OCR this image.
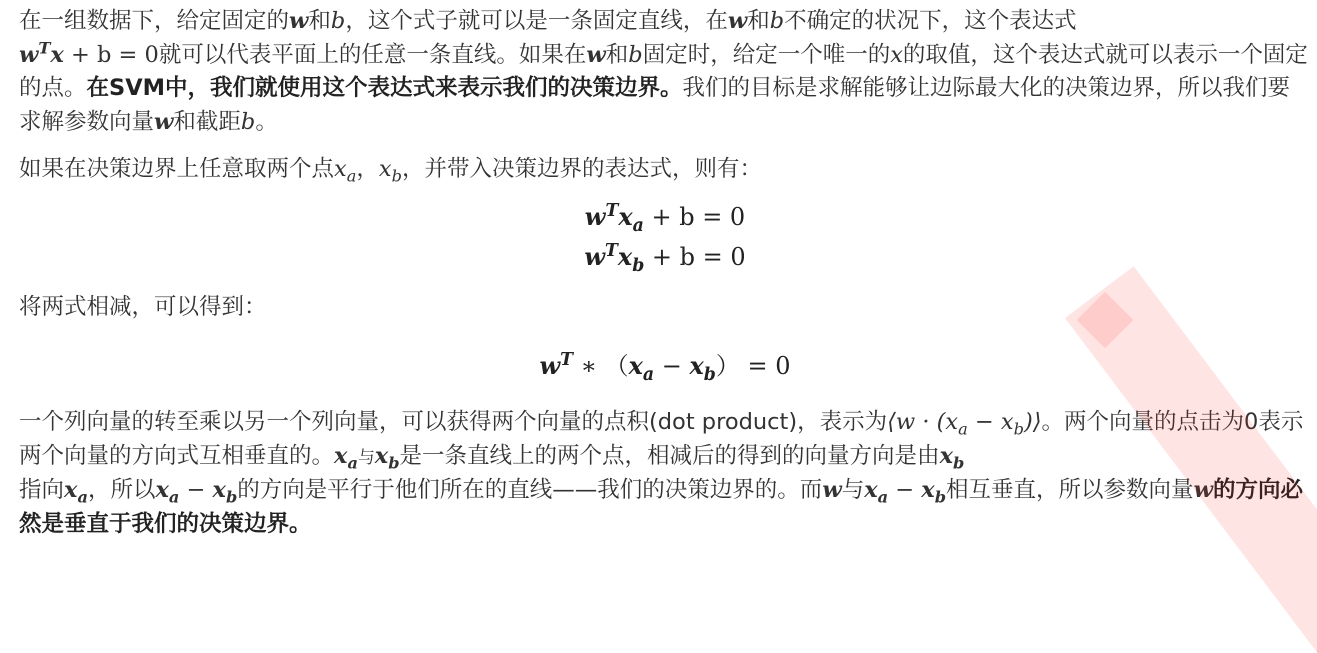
在一组数据下，给定固定的w和b，这个式子就可以是一条固定直线，在w和b不确定的状况下，这个表达式
$w^Tx + b = 0$就可以代表平面上的任意一条直线。如果在w和b固定时，给定一个唯一的x的取值，这个表达式就可以表示一个固定的点。在SVM中，我们就使用这个表达式来表示我们的决策边界。我们的目标是求解能够让边际最大化的决策边界，所以我们要求解参数向量w和截距b。

如果在决策边界上任意取两个点$x_a$，$x_b$，并带入决策边界的表达式，则有：

$w^Tx_a + b = 0$
$w^Tx_b + b = 0$

将两式相减，可以得到：

$w^T$ ∗ $(x_a - x_b) = 0$

一个列向量的转至乘以另一个列向量，可以获得两个向量的点积(dot product)，表示为⟨w · ($x_a$ − $x_b)⟩$。两个向量的点击为0表示两个向量的方向式互相垂直的。$x_a$与$x_b$是一条直线上的两个点，相减后的得到的向量方向是由$x_b$
指向$x_a$，所以$x_a - x_b$的方向是平行于他们所在的直线——我们的决策边界的。而w与$x_a - x_b$相互垂直，所以参数向量w的方向必然是垂直于我们的决策边界。
